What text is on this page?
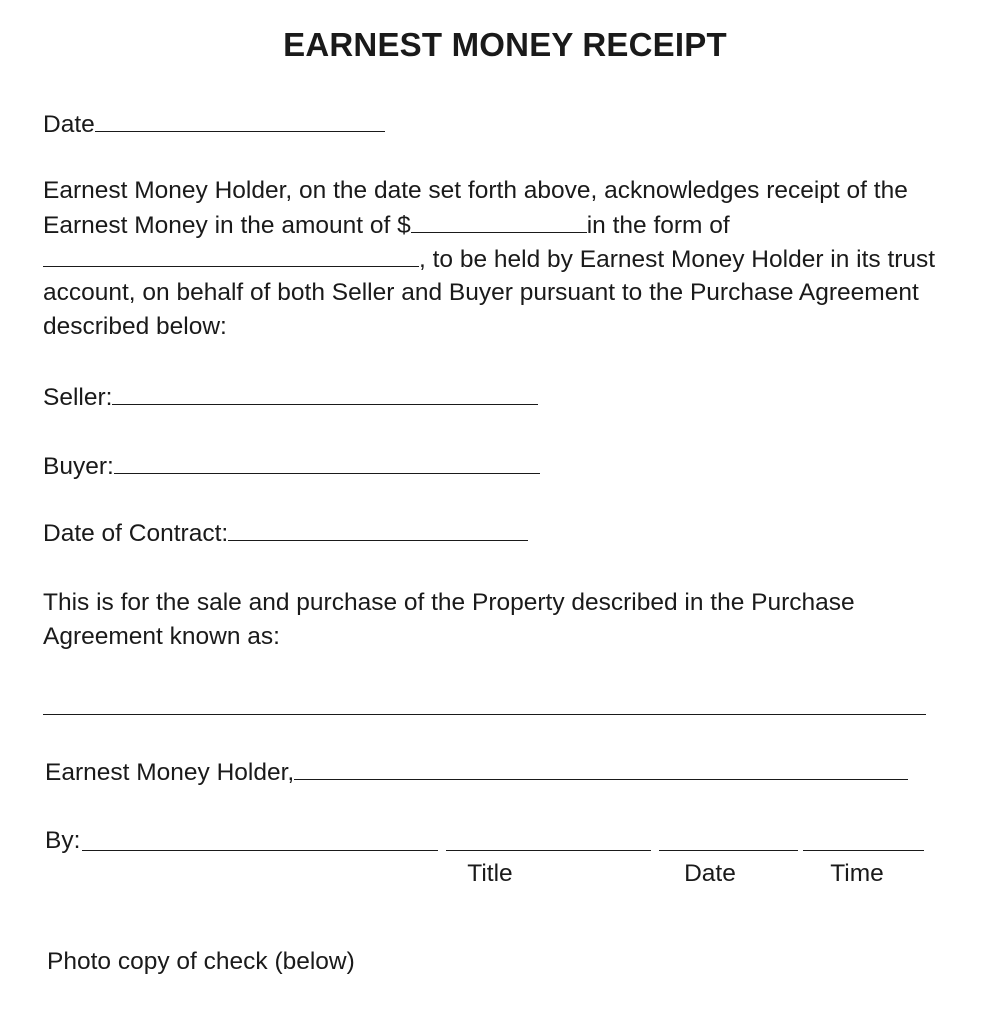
EARNEST MONEY RECEIPT
Date
Earnest Money Holder, on the date set forth above, acknowledges receipt of the
Earnest Money in the amount of $	in the form of
, to be held by Earnest Money Holder in its trust
account, on behalf of both Seller and Buyer pursuant to the Purchase Agreement
described below:
Seller:
Buyer:
Date of Contract:
This is for the sale and purchase of the Property described in the Purchase
Agreement known as:
Earnest Money Holder,
By:
Title	Date	Time
Photo copy of check (below)
